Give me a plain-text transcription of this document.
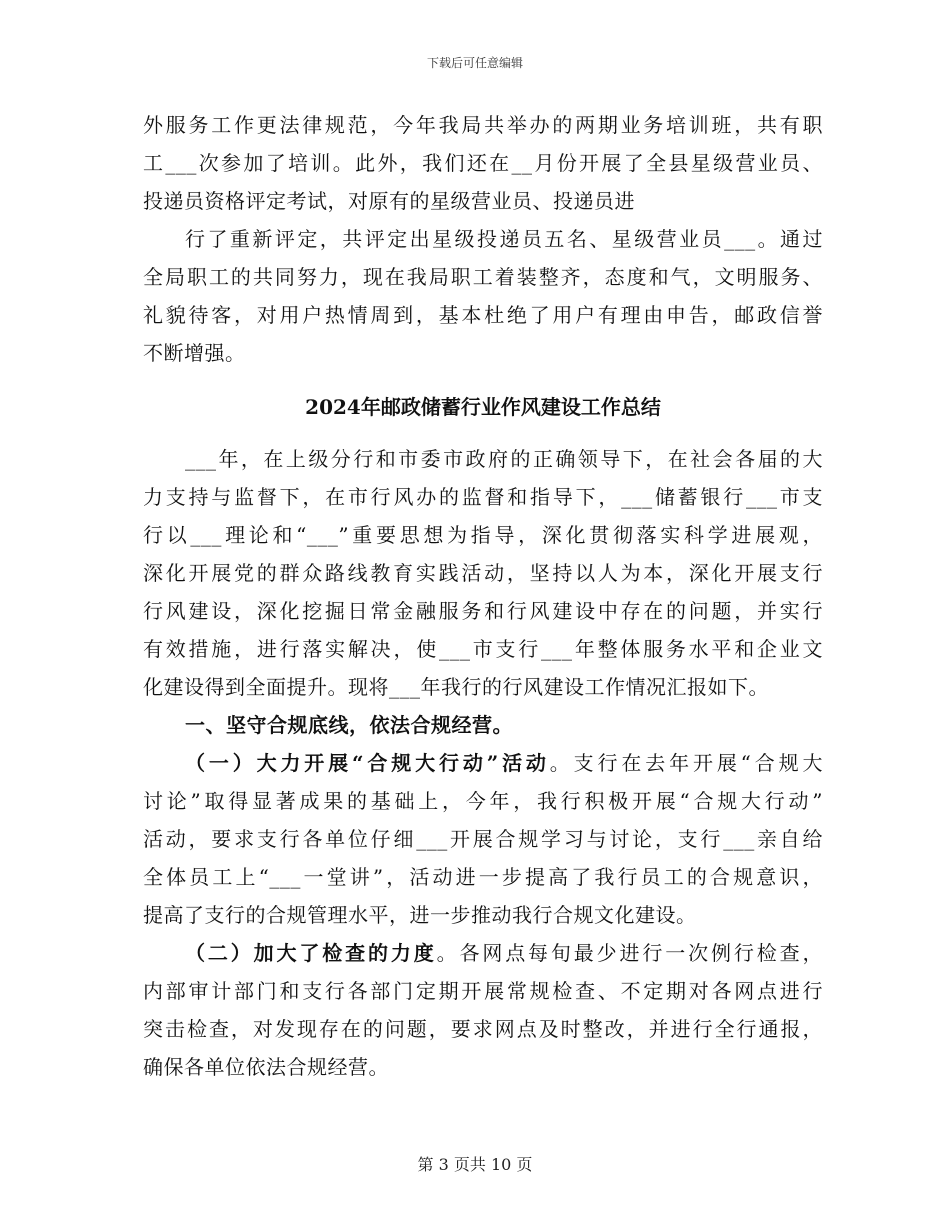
下载后可任意编辑
外服务工作更法律规范，今年我局共举办的两期业务培训班，共有职
工___次参加了培训。此外，我们还在__月份开展了全县星级营业员、
投递员资格评定考试，对原有的星级营业员、投递员进
行了重新评定，共评定出星级投递员五名、星级营业员___。通过
全局职工的共同努力，现在我局职工着装整齐，态度和气，文明服务、
礼貌待客，对用户热情周到，基本杜绝了用户有理由申告，邮政信誉
不断增强。
2024年邮政储蓄行业作风建设工作总结
___年，在上级分行和市委市政府的正确领导下，在社会各届的大
力支持与监督下，在市行风办的监督和指导下，___储蓄银行___市支
行以___理论和“___”重要思想为指导，深化贯彻落实科学进展观，
深化开展党的群众路线教育实践活动，坚持以人为本，深化开展支行
行风建设，深化挖掘日常金融服务和行风建设中存在的问题，并实行
有效措施，进行落实解决，使___市支行___年整体服务水平和企业文
化建设得到全面提升。现将___年我行的行风建设工作情况汇报如下。
一、坚守合规底线，依法合规经营。
（一）大力开展“合规大行动”活动。支行在去年开展“合规大
讨论”取得显著成果的基础上，今年，我行积极开展“合规大行动”
活动，要求支行各单位仔细___开展合规学习与讨论，支行___亲自给
全体员工上“___一堂讲”，活动进一步提高了我行员工的合规意识，
提高了支行的合规管理水平，进一步推动我行合规文化建设。
（二）加大了检查的力度。各网点每旬最少进行一次例行检查，
内部审计部门和支行各部门定期开展常规检查、不定期对各网点进行
突击检查，对发现存在的问题，要求网点及时整改，并进行全行通报，
确保各单位依法合规经营。
第 3 页共 10 页
